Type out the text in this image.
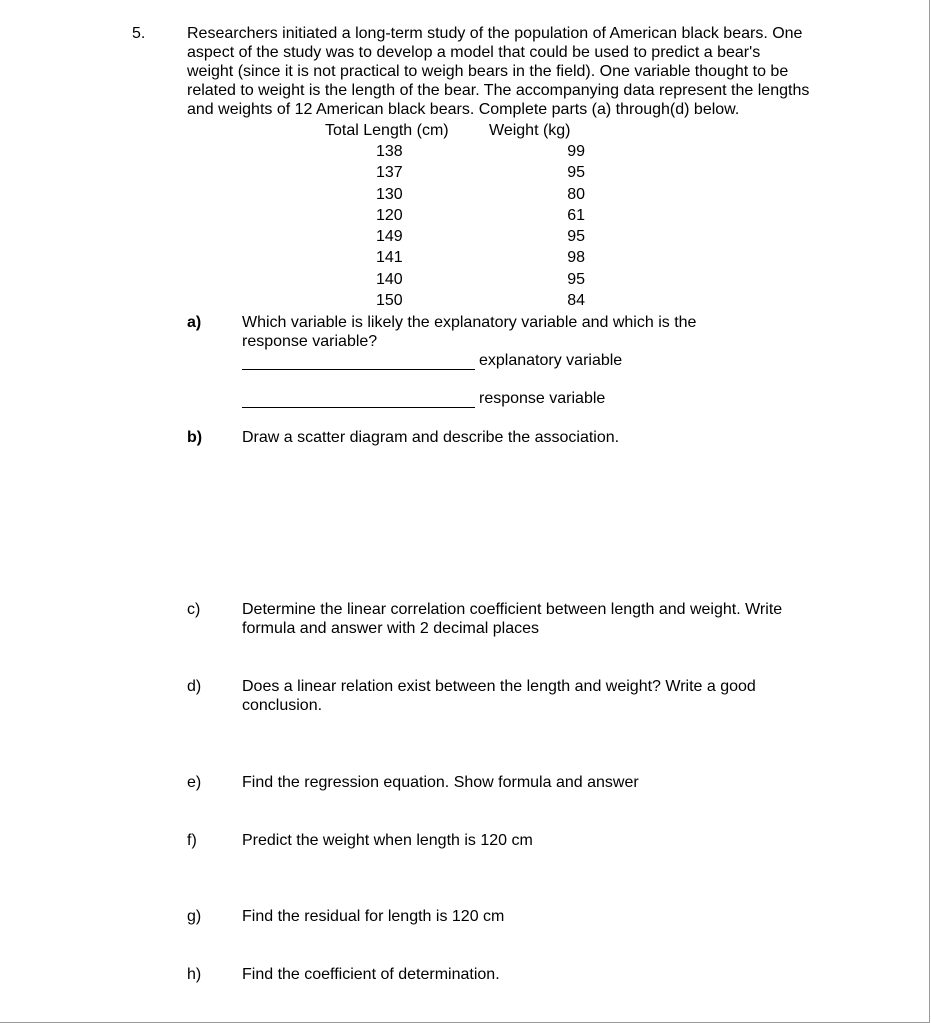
5.	Researchers initiated a long-term study of the population of American black bears. One

aspect of the study was to develop a model that could be used to predict a bear's

weight (since it is not practical to weigh bears in the field). One variable thought to be

related to weight is the length of the bear. The accompanying data represent the lengths

and weights of 12 American black bears. Complete parts (a) through(d) below.

Total Length (cm)	Weight (kg)
138	99
137	95
130	80
120	61
149	95
141	98
140	95
150	84
a)	Which variable is likely the explanatory variable and which is the
response variable?
explanatory variable
response variable
b)	Draw a scatter diagram and describe the association.
c)	Determine the linear correlation coefficient between length and weight. Write
formula and answer with 2 decimal places
d)	Does a linear relation exist between the length and weight? Write a good
conclusion.
e)	Find the regression equation. Show formula and answer
f)	Predict the weight when length is 120 cm
g)	Find the residual for length is 120 cm
h)	Find the coefficient of determination.
